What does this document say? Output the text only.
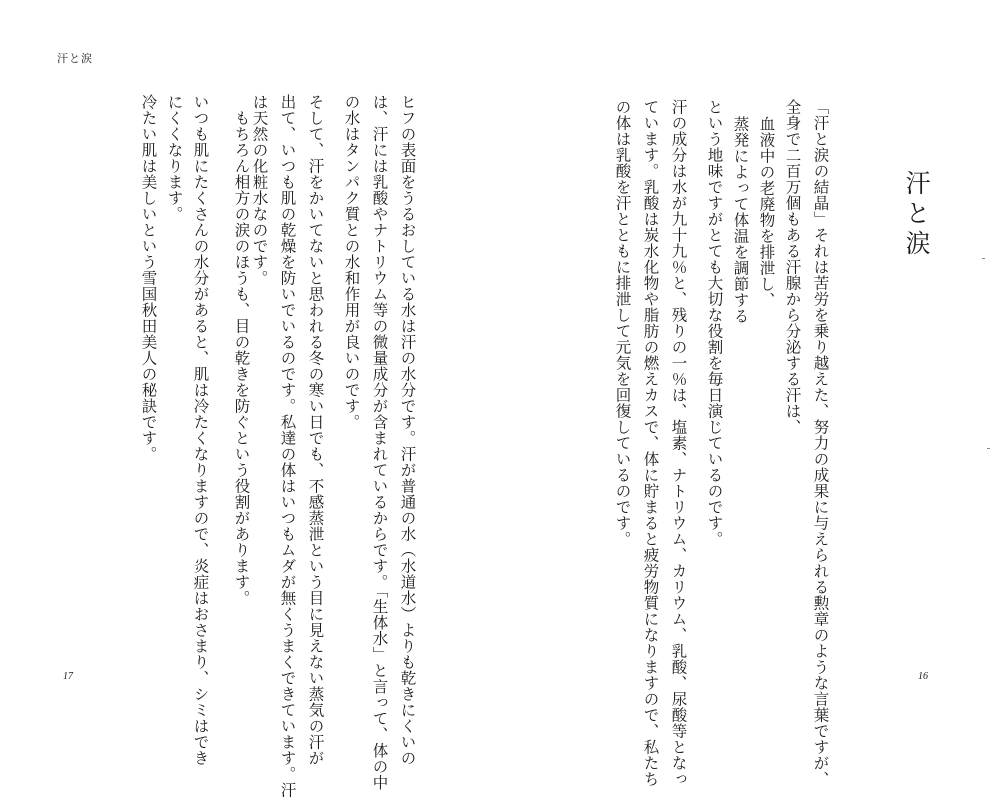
汗と涙
ヒフの表面をうるおしている水は汗の水分です。汗が普通の水（水道水）よりも乾きにくいの
は、汗には乳酸やナトリウム等の微量成分が含まれているからです。「生体水」と言って、体の中
の水はタンパク質との水和作用が良いのです。
そして、汗をかいてないと思われる冬の寒い日でも、不感蒸泄という目に見えない蒸気の汗が
出て、いつも肌の乾燥を防いでいるのです。私達の体はいつもムダが無くうまくできています。汗
は天然の化粧水なのです。
もちろん相方の涙のほうも、目の乾きを防ぐという役割があります。
いつも肌にたくさんの水分があると、肌は冷たくなりますので、炎症はおさまり、シミはでき
にくくなります。
冷たい肌は美しいという雪国秋田美人の秘訣です。
17
汗と涙
「汗と涙の結晶」それは苦労を乗り越えた、努力の成果に与えられる勲章のような言葉ですが、
全身で二百万個もある汗腺から分泌する汗は、
血液中の老廃物を排泄し、
蒸発によって体温を調節する
という地味ですがとても大切な役割を毎日演じているのです。
汗の成分は水が九十九％と、残りの一％は、塩素、ナトリウム、カリウム、乳酸、尿酸等となっ
ています。乳酸は炭水化物や脂肪の燃えカスで、体に貯まると疲労物質になりますので、私たち
の体は乳酸を汗とともに排泄して元気を回復しているのです。
16
